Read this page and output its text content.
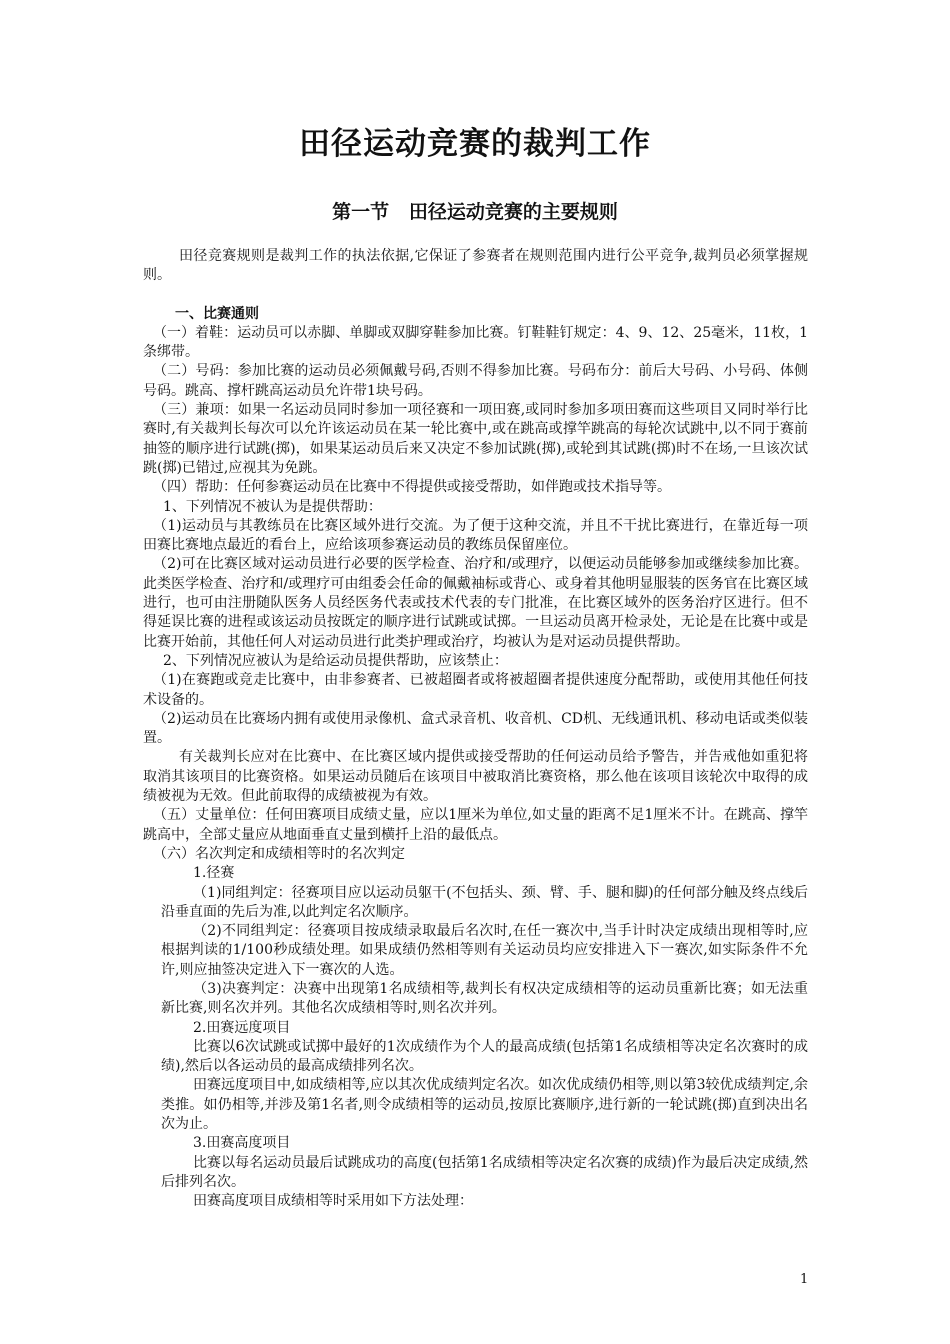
田径运动竞赛的裁判工作
第一节   田径运动竞赛的主要规则

田径竞赛规则是裁判工作的执法依据,它保证了参赛者在规则范围内进行公平竞争,裁判员必须掌握规则。

一、比赛通则

（一）着鞋：运动员可以赤脚、单脚或双脚穿鞋参加比赛。钉鞋鞋钉规定：4、9、12、25毫米，11枚，1条绑带。

（二）号码：参加比赛的运动员必须佩戴号码,否则不得参加比赛。号码布分：前后大号码、小号码、体侧号码。跳高、撑杆跳高运动员允许带1块号码。

（三）兼项：如果一名运动员同时参加一项径赛和一项田赛,或同时参加多项田赛而这些项目又同时举行比赛时,有关裁判长每次可以允许该运动员在某一轮比赛中,或在跳高或撑竿跳高的每轮次试跳中,以不同于赛前抽签的顺序进行试跳(掷)，如果某运动员后来又决定不参加试跳(掷),或轮到其试跳(掷)时不在场,一旦该次试跳(掷)已错过,应视其为免跳。

（四）帮助：任何参赛运动员在比赛中不得提供或接受帮助，如伴跑或技术指导等。

1、下列情况不被认为是提供帮助：

（1)运动员与其教练员在比赛区域外进行交流。为了便于这种交流，并且不干扰比赛进行，在靠近每一项田赛比赛地点最近的看台上，应给该项参赛运动员的教练员保留座位。

（2)可在比赛区域对运动员进行必要的医学检查、治疗和/或理疗，以便运动员能够参加或继续参加比赛。此类医学检查、治疗和/或理疗可由组委会任命的佩戴袖标或背心、或身着其他明显服装的医务官在比赛区域进行，也可由注册随队医务人员经医务代表或技术代表的专门批准，在比赛区域外的医务治疗区进行。但不得延误比赛的进程或该运动员按既定的顺序进行试跳或试掷。一旦运动员离开检录处，无论是在比赛中或是比赛开始前，其他任何人对运动员进行此类护理或治疗，均被认为是对运动员提供帮助。

2、下列情况应被认为是给运动员提供帮助，应该禁止：

（1)在赛跑或竞走比赛中，由非参赛者、已被超圈者或将被超圈者提供速度分配帮助，或使用其他任何技术设备的。

（2)运动员在比赛场内拥有或使用录像机、盒式录音机、收音机、CD机、无线通讯机、移动电话或类似装置。

有关裁判长应对在比赛中、在比赛区域内提供或接受帮助的任何运动员给予警告，并告戒他如重犯将取消其该项目的比赛资格。如果运动员随后在该项目中被取消比赛资格，那么他在该项目该轮次中取得的成绩被视为无效。但此前取得的成绩被视为有效。

（五）丈量单位：任何田赛项目成绩丈量，应以1厘米为单位,如丈量的距离不足1厘米不计。在跳高、撑竿跳高中，全部丈量应从地面垂直丈量到横扦上沿的最低点。

（六）名次判定和成绩相等时的名次判定

1.径赛

（1)同组判定：径赛项目应以运动员躯干(不包括头、颈、臂、手、腿和脚)的任何部分触及终点线后沿垂直面的先后为准,以此判定名次顺序。

（2)不同组判定：径赛项目按成绩录取最后名次时,在任一赛次中,当手计时决定成绩出现相等时,应根据判读的1/100秒成绩处理。如果成绩仍然相等则有关运动员均应安排进入下一赛次,如实际条件不允许,则应抽签决定进入下一赛次的人选。

（3)决赛判定：决赛中出现第1名成绩相等,裁判长有权决定成绩相等的运动员重新比赛；如无法重新比赛,则名次并列。其他名次成绩相等时,则名次并列。

2.田赛远度项目

比赛以6次试跳或试掷中最好的1次成绩作为个人的最高成绩(包括第1名成绩相等决定名次赛时的成绩),然后以各运动员的最高成绩排列名次。

田赛远度项目中,如成绩相等,应以其次优成绩判定名次。如次优成绩仍相等,则以第3较优成绩判定,余类推。如仍相等,并涉及第1名者,则令成绩相等的运动员,按原比赛顺序,进行新的一轮试跳(掷)直到决出名次为止。

3.田赛高度项目

比赛以每名运动员最后试跳成功的高度(包括第1名成绩相等决定名次赛的成绩)作为最后决定成绩,然后排列名次。

田赛高度项目成绩相等时采用如下方法处理：

1
